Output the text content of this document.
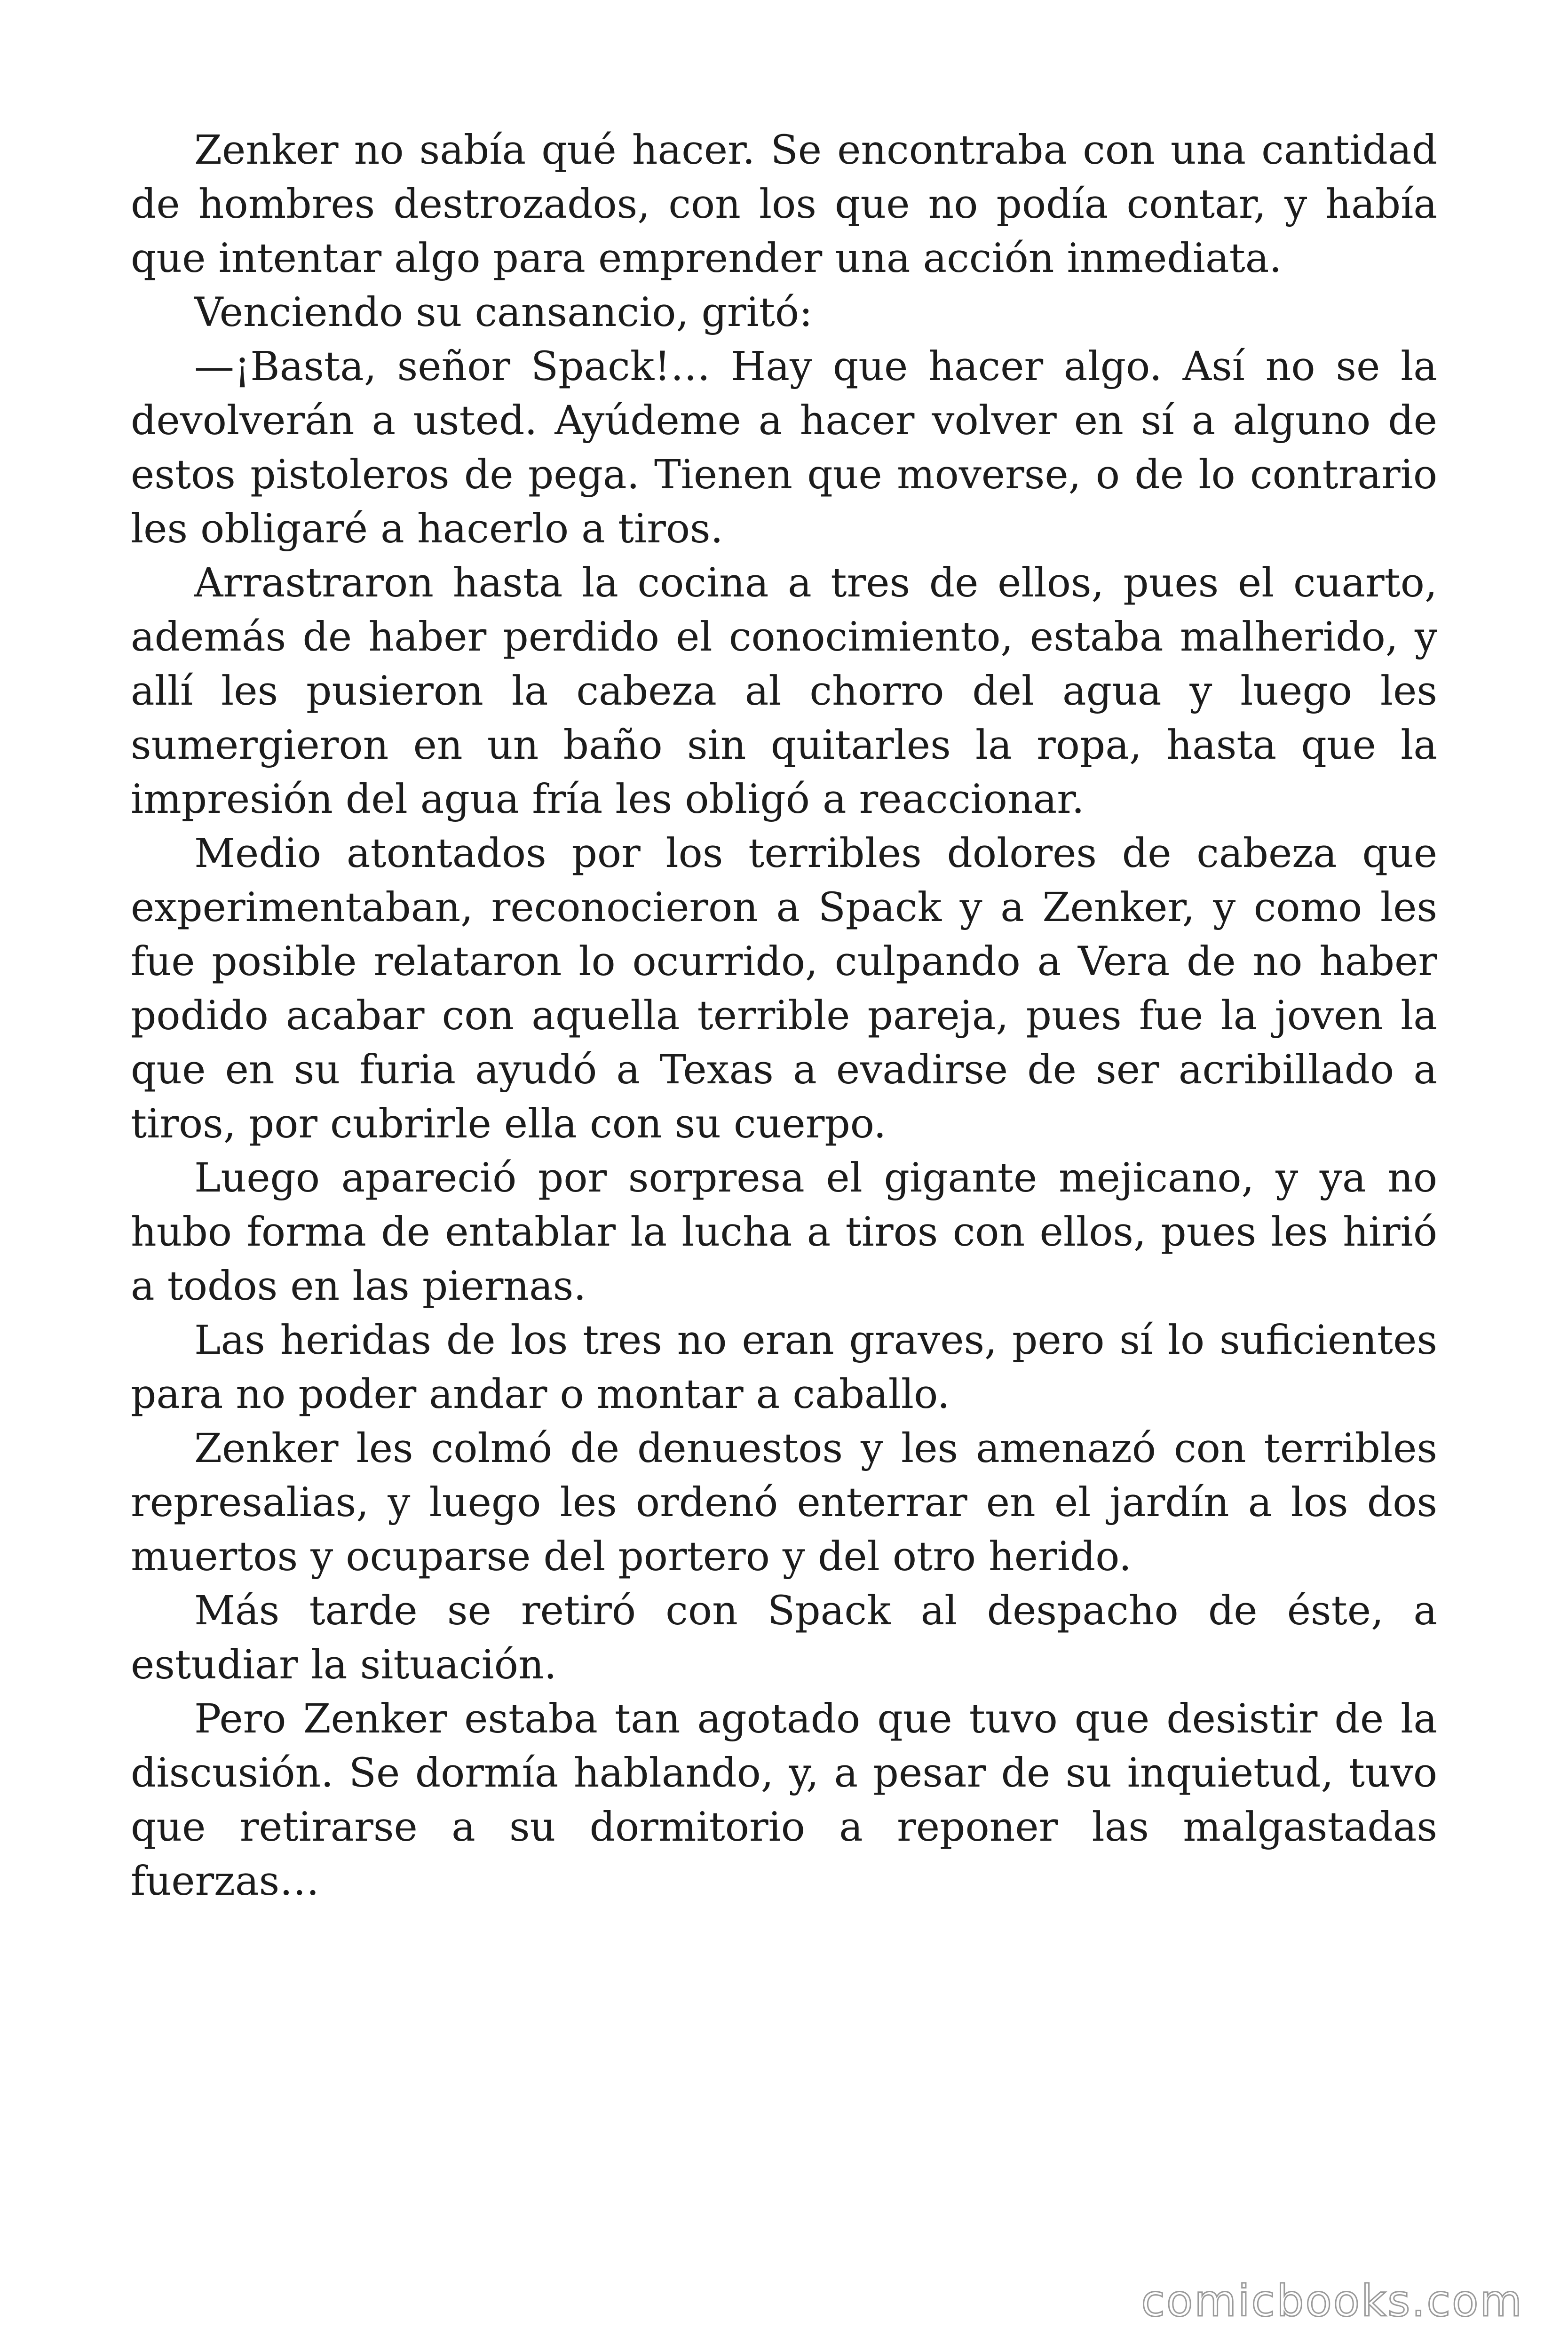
Zenker no sabía qué hacer. Se encontraba con una cantidad de hombres destrozados, con los que no podía contar, y había que intentar algo para emprender una acción inmediata.

Venciendo su cansancio, gritó:

—¡Basta, señor Spack!… Hay que hacer algo. Así no se la devolverán a usted. Ayúdeme a hacer volver en sí a alguno de estos pistoleros de pega. Tienen que moverse, o de lo contrario les obligaré a hacerlo a tiros.

Arrastraron hasta la cocina a tres de ellos, pues el cuarto, además de haber perdido el conocimiento, estaba malherido, y allí les pusieron la cabeza al chorro del agua y luego les sumergieron en un baño sin quitarles la ropa, hasta que la impresión del agua fría les obligó a reaccionar.

Medio atontados por los terribles dolores de cabeza que experimentaban, reconocieron a Spack y a Zenker, y como les fue posible relataron lo ocurrido, culpando a Vera de no haber podido acabar con aquella terrible pareja, pues fue la joven la que en su furia ayudó a Texas a evadirse de ser acribillado a tiros, por cubrirle ella con su cuerpo.

Luego apareció por sorpresa el gigante mejicano, y ya no hubo forma de entablar la lucha a tiros con ellos, pues les hirió a todos en las piernas.

Las heridas de los tres no eran graves, pero sí lo suficientes para no poder andar o montar a caballo.

Zenker les colmó de denuestos y les amenazó con terribles represalias, y luego les ordenó enterrar en el jardín a los dos muertos y ocuparse del portero y del otro herido.

Más tarde se retiró con Spack al despacho de éste, a estudiar la situación.

Pero Zenker estaba tan agotado que tuvo que desistir de la discusión. Se dormía hablando, y, a pesar de su inquietud, tuvo que retirarse a su dormitorio a reponer las malgastadas fuerzas…

comicbooks.com
